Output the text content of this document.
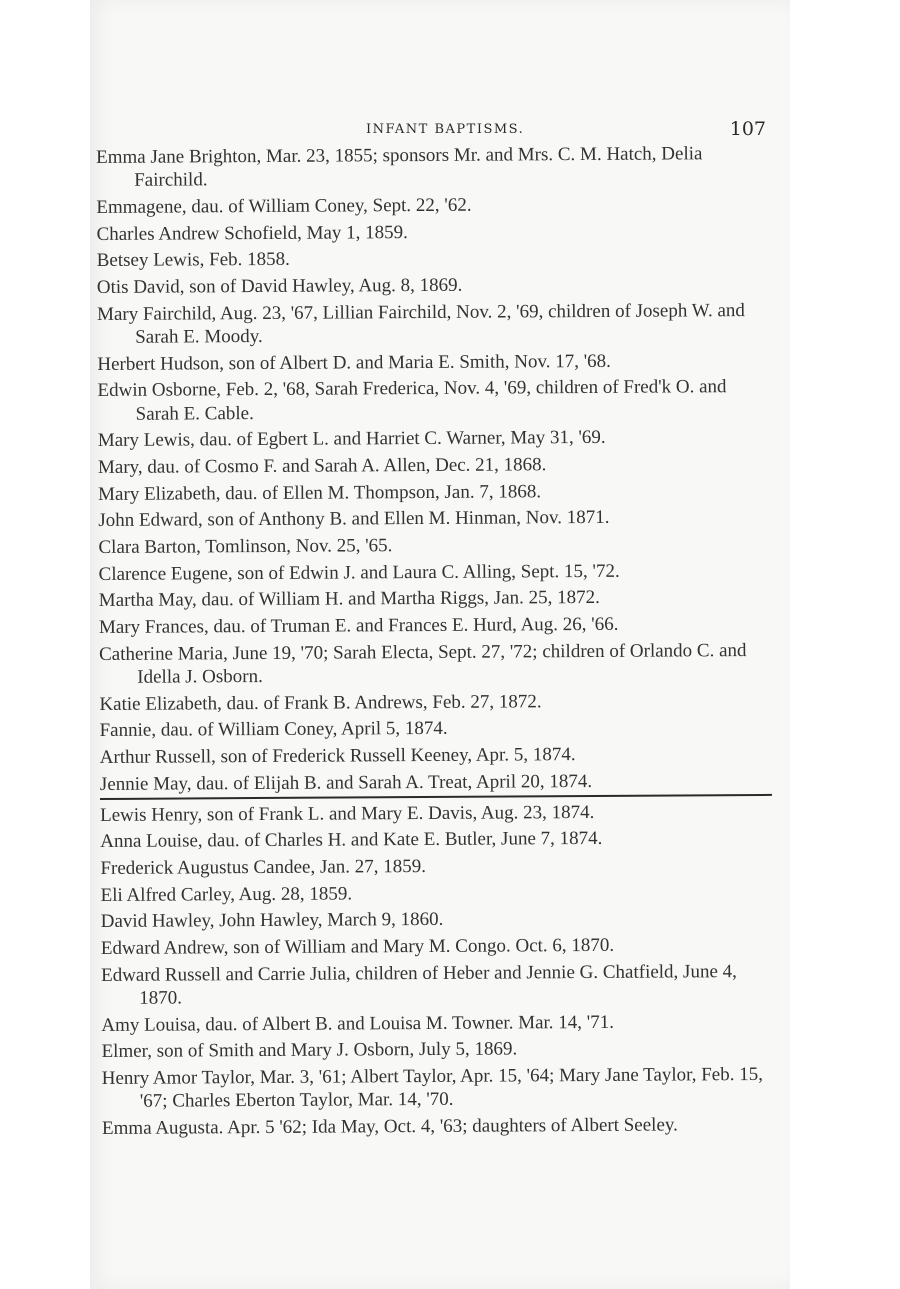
INFANT BAPTISMS.	107
Emma Jane Brighton, Mar. 23, 1855; sponsors Mr. and Mrs. C. M. Hatch, Delia Fairchild.
Emmagene, dau. of William Coney, Sept. 22, '62.
Charles Andrew Schofield, May 1, 1859.
Betsey Lewis, Feb. 1858.
Otis David, son of David Hawley, Aug. 8, 1869.
Mary Fairchild, Aug. 23, '67, Lillian Fairchild, Nov. 2, '69, children of Joseph W. and Sarah E. Moody.
Herbert Hudson, son of Albert D. and Maria E. Smith, Nov. 17, '68.
Edwin Osborne, Feb. 2, '68, Sarah Frederica, Nov. 4, '69, children of Fred'k O. and Sarah E. Cable.
Mary Lewis, dau. of Egbert L. and Harriet C. Warner, May 31, '69.
Mary, dau. of Cosmo F. and Sarah A. Allen, Dec. 21, 1868.
Mary Elizabeth, dau. of Ellen M. Thompson, Jan. 7, 1868.
John Edward, son of Anthony B. and Ellen M. Hinman, Nov. 1871.
Clara Barton, Tomlinson, Nov. 25, '65.
Clarence Eugene, son of Edwin J. and Laura C. Alling, Sept. 15, '72.
Martha May, dau. of William H. and Martha Riggs, Jan. 25, 1872.
Mary Frances, dau. of Truman E. and Frances E. Hurd, Aug. 26, '66.
Catherine Maria, June 19, '70; Sarah Electa, Sept. 27, '72; children of Orlando C. and Idella J. Osborn.
Katie Elizabeth, dau. of Frank B. Andrews, Feb. 27, 1872.
Fannie, dau. of William Coney, April 5, 1874.
Arthur Russell, son of Frederick Russell Keeney, Apr. 5, 1874.
Jennie May, dau. of Elijah B. and Sarah A. Treat, April 20, 1874.
Lewis Henry, son of Frank L. and Mary E. Davis, Aug. 23, 1874.
Anna Louise, dau. of Charles H. and Kate E. Butler, June 7, 1874.
Frederick Augustus Candee, Jan. 27, 1859.
Eli Alfred Carley, Aug. 28, 1859.
David Hawley, John Hawley, March 9, 1860.
Edward Andrew, son of William and Mary M. Congo. Oct. 6, 1870.
Edward Russell and Carrie Julia, children of Heber and Jennie G. Chatfield, June 4, 1870.
Amy Louisa, dau. of Albert B. and Louisa M. Towner. Mar. 14, '71.
Elmer, son of Smith and Mary J. Osborn, July 5, 1869.
Henry Amor Taylor, Mar. 3, '61; Albert Taylor, Apr. 15, '64; Mary Jane Taylor, Feb. 15, '67; Charles Eberton Taylor, Mar. 14, '70.
Emma Augusta. Apr. 5 '62; Ida May, Oct. 4, '63; daughters of Albert Seeley.
